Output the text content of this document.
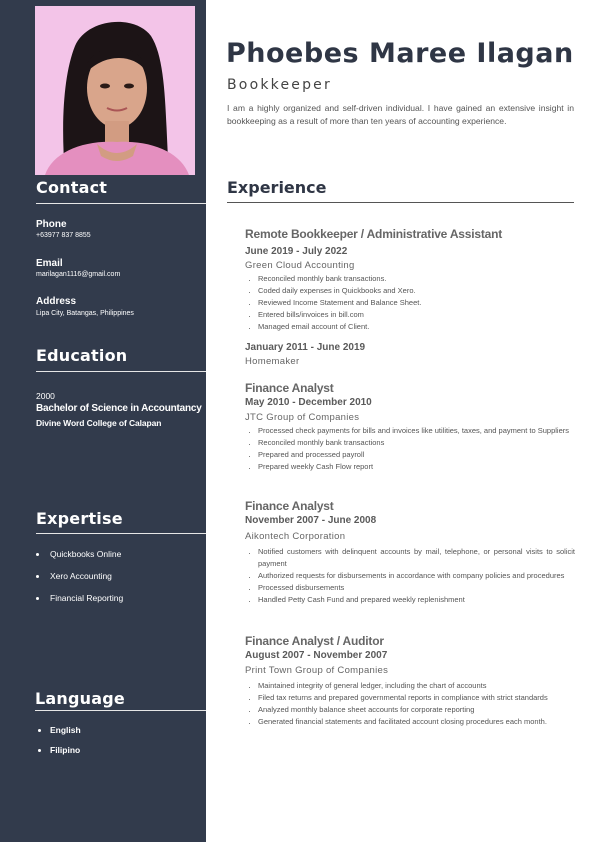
Contact
Phone
+63977 837 8855
Email
marilagan1116@gmail.com
Address
Lipa City, Batangas, Philippines
Education
2000
Bachelor of Science in Accountancy
Divine Word College of Calapan
Expertise
Quickbooks Online
Xero Accounting
Financial Reporting
Language
English
Filipino
Phoebes Maree Ilagan
Bookkeeper
I am a highly organized and self-driven individual. I have gained an extensive insight in bookkeeping as a result of more than ten years of accounting experience.
Experience
Remote Bookkeeper / Administrative Assistant
June 2019 - July 2022
Green Cloud Accounting
• Reconciled monthly bank transactions.
• Coded daily expenses in Quickbooks and Xero.
• Reviewed Income Statement and Balance Sheet.
• Entered bills/invoices in bill.com
• Managed email account of Client.
January 2011 - June 2019
Homemaker
Finance Analyst
May 2010 - December 2010
JTC Group of Companies
• Processed check payments for bills and invoices like utilities, taxes, and payment to Suppliers
• Reconciled monthly bank transactions
• Prepared and processed payroll
• Prepared weekly Cash Flow report
Finance Analyst
November 2007 - June 2008
Aikontech Corporation
• Notified customers with delinquent accounts by mail, telephone, or personal visits to solicit payment
• Authorized requests for disbursements in accordance with company policies and procedures
• Processed disbursements
• Handled Petty Cash Fund and prepared weekly replenishment
Finance Analyst / Auditor
August 2007 - November 2007
Print Town Group of Companies
• Maintained integrity of general ledger, including the chart of accounts
• Filed tax returns and prepared governmental reports in compliance with strict standards
• Analyzed monthly balance sheet accounts for corporate reporting
• Generated financial statements and facilitated account closing procedures each month.
